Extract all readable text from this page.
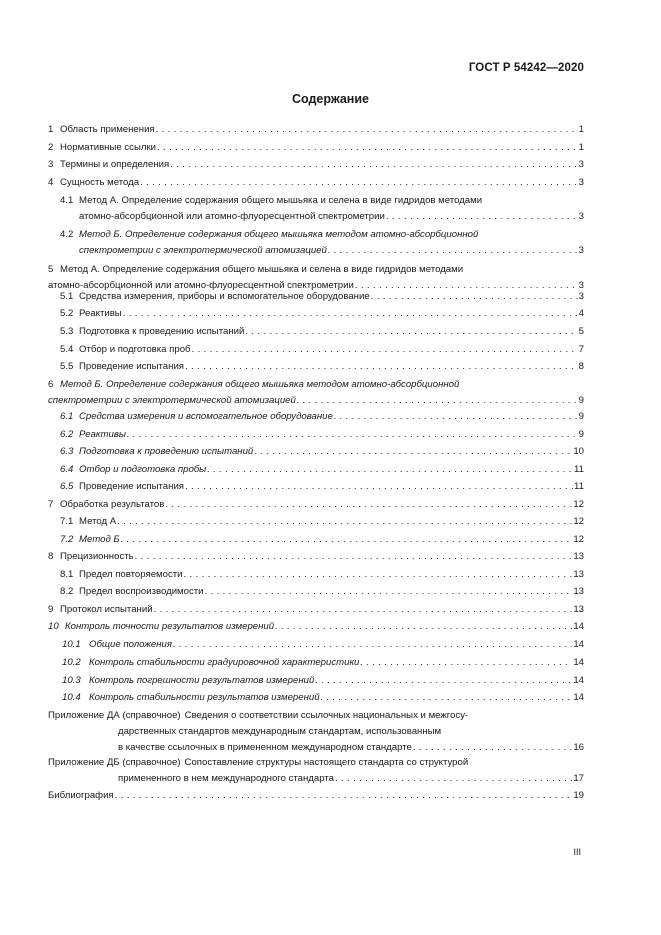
ГОСТ Р 54242—2020
Содержание
1 Область применения . . .	1
2 Нормативные ссылки . . .	1
3 Термины и определения . . .	3
4 Сущность метода . . .	3
4.1 Метод А. Определение содержания общего мышьяка и селена в виде гидридов методами
атомно-абсорбционной или атомно-флуоресцентной спектрометрии . . .	3
4.2 Метод Б. Определение содержания общего мышьяка методом атомно-абсорбционной
спектрометрии с электротермической атомизацией . . .	3
5 Метод А. Определение содержания общего мышьяка и селена в виде гидридов методами
атомно-абсорбционной или атомно-флуоресцентной спектрометрии . . .	3
5.1 Средства измерения, приборы и вспомогательное оборудование . . .	3
5.2 Реактивы . . .	4
5.3 Подготовка к проведению испытаний . . .	5
5.4 Отбор и подготовка проб . . .	7
5.5 Проведение испытания . . .	8
6 Метод Б. Определение содержания общего мышьяка методом атомно-абсорбционной
спектрометрии с электротермической атомизацией . . .	9
6.1 Средства измерения и вспомогательное оборудование . . .	9
6.2 Реактивы . . .	9
6.3 Подготовка к проведению испытаний . . .	10
6.4 Отбор и подготовка пробы . . .	11
6.5 Проведение испытания . . .	11
7 Обработка результатов . . .	12
7.1 Метод А . . .	12
7.2 Метод Б . . .	12
8 Прецизионность . . .	13
8.1 Предел повторяемости . . .	13
8.2 Предел воспроизводимости . . .	13
9 Протокол испытаний . . .	13
10 Контроль точности результатов измерений . . .	14
10.1 Общие положения . . .	14
10.2 Контроль стабильности градуировочной характеристики . . .	14
10.3 Контроль погрешности результатов измерений . . .	14
10.4 Контроль стабильности результатов измерений . . .	14
Приложение ДА (справочное) Сведения о соответствии ссылочных национальных и межгосу-
дарственных стандартов международным стандартам, использованным
в качестве ссылочных в примененном международном стандарте . . .	16
Приложение ДБ (справочное) Сопоставление структуры настоящего стандарта со структурой
примененного в нем международного стандарта . . .	17
Библиография . . .	19
III
